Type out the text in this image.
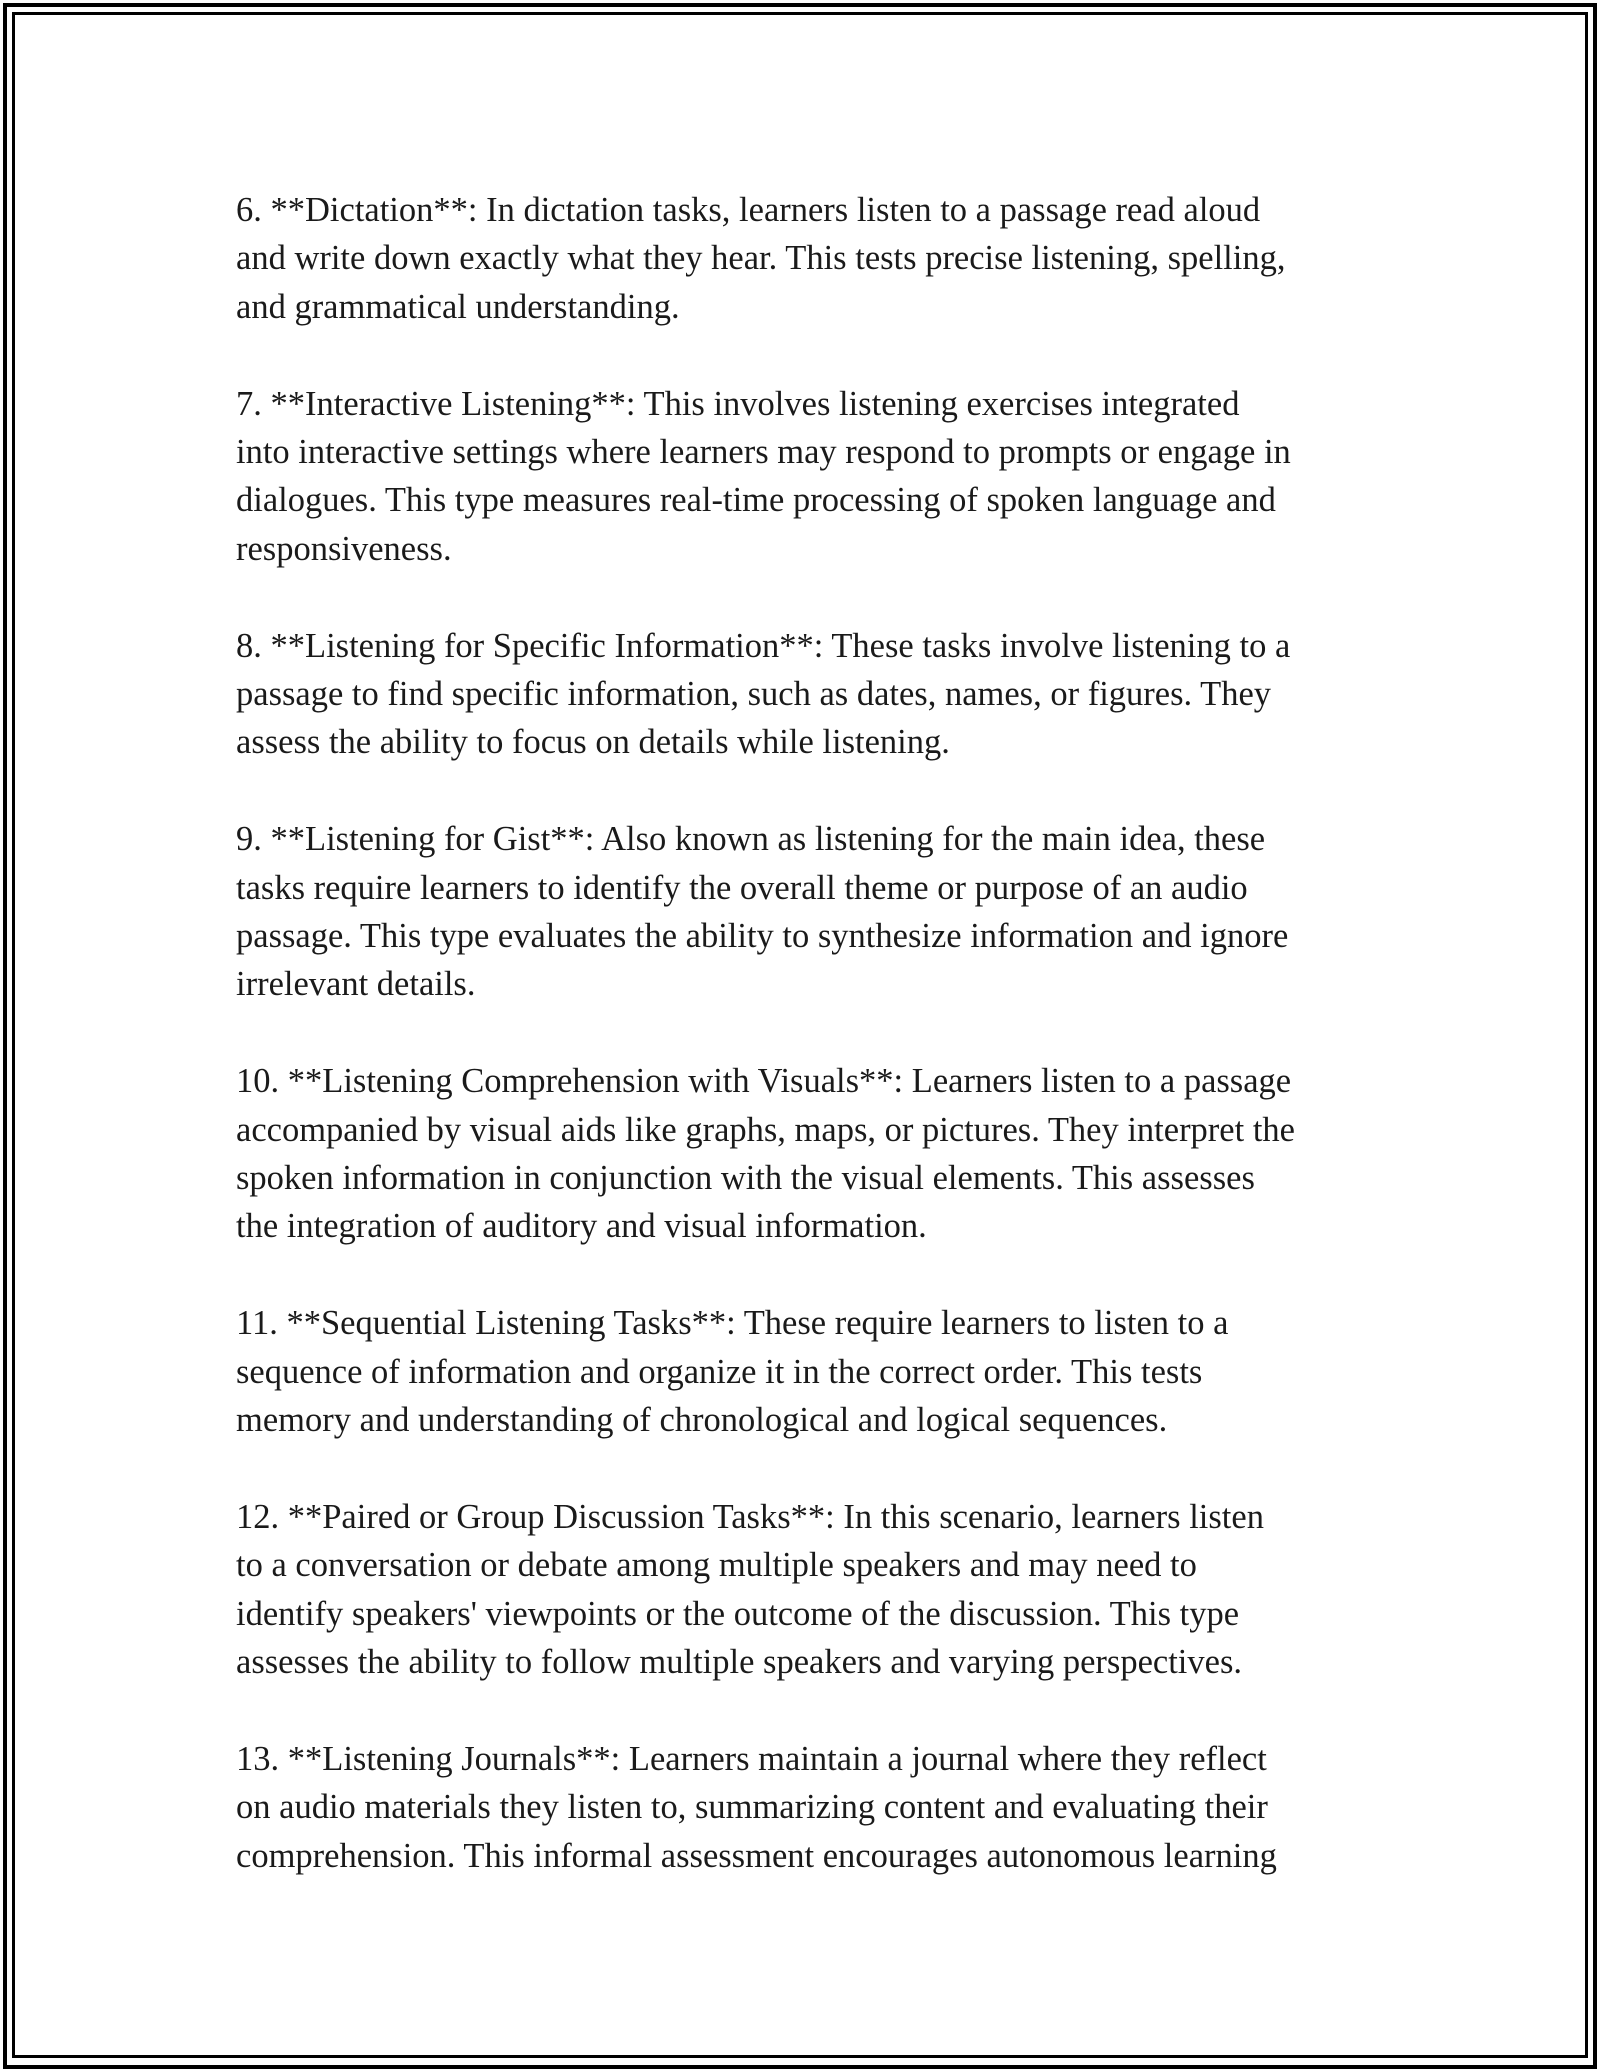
6. **Dictation**: In dictation tasks, learners listen to a passage read aloud
and write down exactly what they hear. This tests precise listening, spelling,
and grammatical understanding.

7. **Interactive Listening**: This involves listening exercises integrated
into interactive settings where learners may respond to prompts or engage in
dialogues. This type measures real-time processing of spoken language and
responsiveness.

8. **Listening for Specific Information**: These tasks involve listening to a
passage to find specific information, such as dates, names, or figures. They
assess the ability to focus on details while listening.

9. **Listening for Gist**: Also known as listening for the main idea, these
tasks require learners to identify the overall theme or purpose of an audio
passage. This type evaluates the ability to synthesize information and ignore
irrelevant details.

10. **Listening Comprehension with Visuals**: Learners listen to a passage
accompanied by visual aids like graphs, maps, or pictures. They interpret the
spoken information in conjunction with the visual elements. This assesses
the integration of auditory and visual information.

11. **Sequential Listening Tasks**: These require learners to listen to a
sequence of information and organize it in the correct order. This tests
memory and understanding of chronological and logical sequences.

12. **Paired or Group Discussion Tasks**: In this scenario, learners listen
to a conversation or debate among multiple speakers and may need to
identify speakers' viewpoints or the outcome of the discussion. This type
assesses the ability to follow multiple speakers and varying perspectives.

13. **Listening Journals**: Learners maintain a journal where they reflect
on audio materials they listen to, summarizing content and evaluating their
comprehension. This informal assessment encourages autonomous learning
